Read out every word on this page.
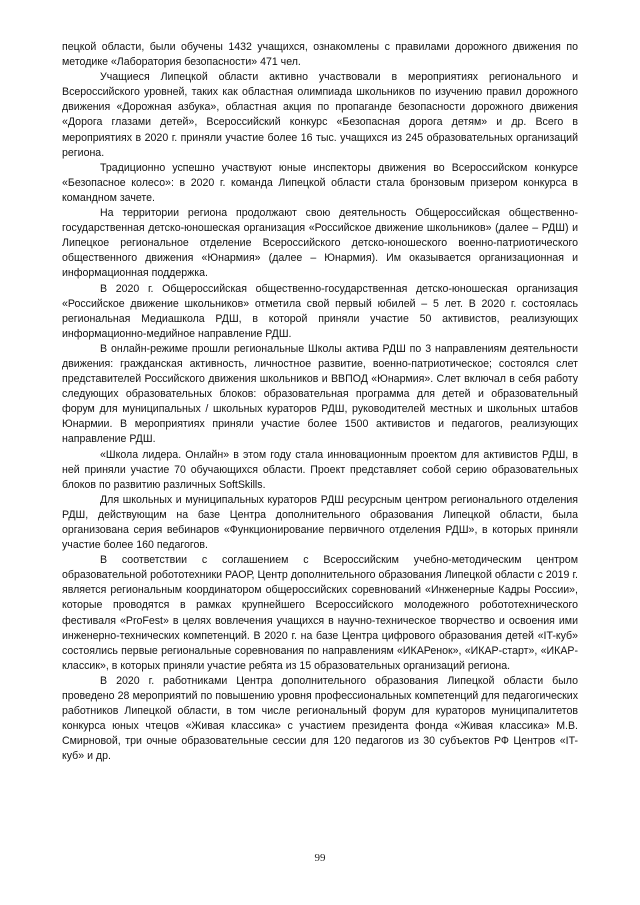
пецкой области, были обучены 1432 учащихся, ознакомлены с правилами дорожного движения по методике «Лаборатория безопасности» 471 чел.

Учащиеся Липецкой области активно участвовали в мероприятиях регионального и Всероссийского уровней, таких как областная олимпиада школьников по изучению правил дорожного движения «Дорожная азбука», областная акция по пропаганде безопасности дорожного движения «Дорога глазами детей», Всероссийский конкурс «Безопасная дорога детям» и др. Всего в мероприятиях в 2020 г. приняли участие более 16 тыс. учащихся из 245 образовательных организаций региона.

Традиционно успешно участвуют юные инспекторы движения во Всероссийском конкурсе «Безопасное колесо»: в 2020 г. команда Липецкой области стала бронзовым призером конкурса в командном зачете.

На территории региона продолжают свою деятельность Общероссийская общественно-государственная детско-юношеская организация «Российское движение школьников» (далее – РДШ) и Липецкое региональное отделение Всероссийского детско-юношеского военно-патриотического общественного движения «Юнармия» (далее – Юнармия). Им оказывается организационная и информационная поддержка.

В 2020 г. Общероссийская общественно-государственная детско-юношеская организация «Российское движение школьников» отметила свой первый юбилей – 5 лет. В 2020 г. состоялась региональная Медиашкола РДШ, в которой приняли участие 50 активистов, реализующих информационно-медийное направление РДШ.

В онлайн-режиме прошли региональные Школы актива РДШ по 3 направлениям деятельности движения: гражданская активность, личностное развитие, военно-патриотическое; состоялся слет представителей Российского движения школьников и ВВПОД «Юнармия». Слет включал в себя работу следующих образовательных блоков: образовательная программа для детей и образовательный форум для муниципальных / школьных кураторов РДШ, руководителей местных и школьных штабов Юнармии. В мероприятиях приняли участие более 1500 активистов и педагогов, реализующих направление РДШ.

«Школа лидера. Онлайн» в этом году стала инновационным проектом для активистов РДШ, в ней приняли участие 70 обучающихся области. Проект представляет собой серию образовательных блоков по развитию различных SoftSkills.

Для школьных и муниципальных кураторов РДШ ресурсным центром регионального отделения РДШ, действующим на базе Центра дополнительного образования Липецкой области, была организована серия вебинаров «Функционирование первичного отделения РДШ», в которых приняли участие более 160 педагогов.

В соответствии с соглашением с Всероссийским учебно-методическим центром образовательной робототехники РАОР, Центр дополнительного образования Липецкой области с 2019 г. является региональным координатором общероссийских соревнований «Инженерные Кадры России», которые проводятся в рамках крупнейшего Всероссийского молодежного робототехнического фестиваля «ProFest» в целях вовлечения учащихся в научно-техническое творчество и освоения ими инженерно-технических компетенций. В 2020 г. на базе Центра цифрового образования детей «IT-куб» состоялись первые региональные соревнования по направлениям «ИКАРенок», «ИКАР-старт», «ИКАР-классик», в которых приняли участие ребята из 15 образовательных организаций региона.

В 2020 г. работниками Центра дополнительного образования Липецкой области было проведено 28 мероприятий по повышению уровня профессиональных компетенций для педагогических работников Липецкой области, в том числе региональный форум для кураторов муниципалитетов конкурса юных чтецов «Живая классика» с участием президента фонда «Живая классика» М.В. Смирновой, три очные образовательные сессии для 120 педагогов из 30 субъектов РФ Центров «IT-куб» и др.

99
